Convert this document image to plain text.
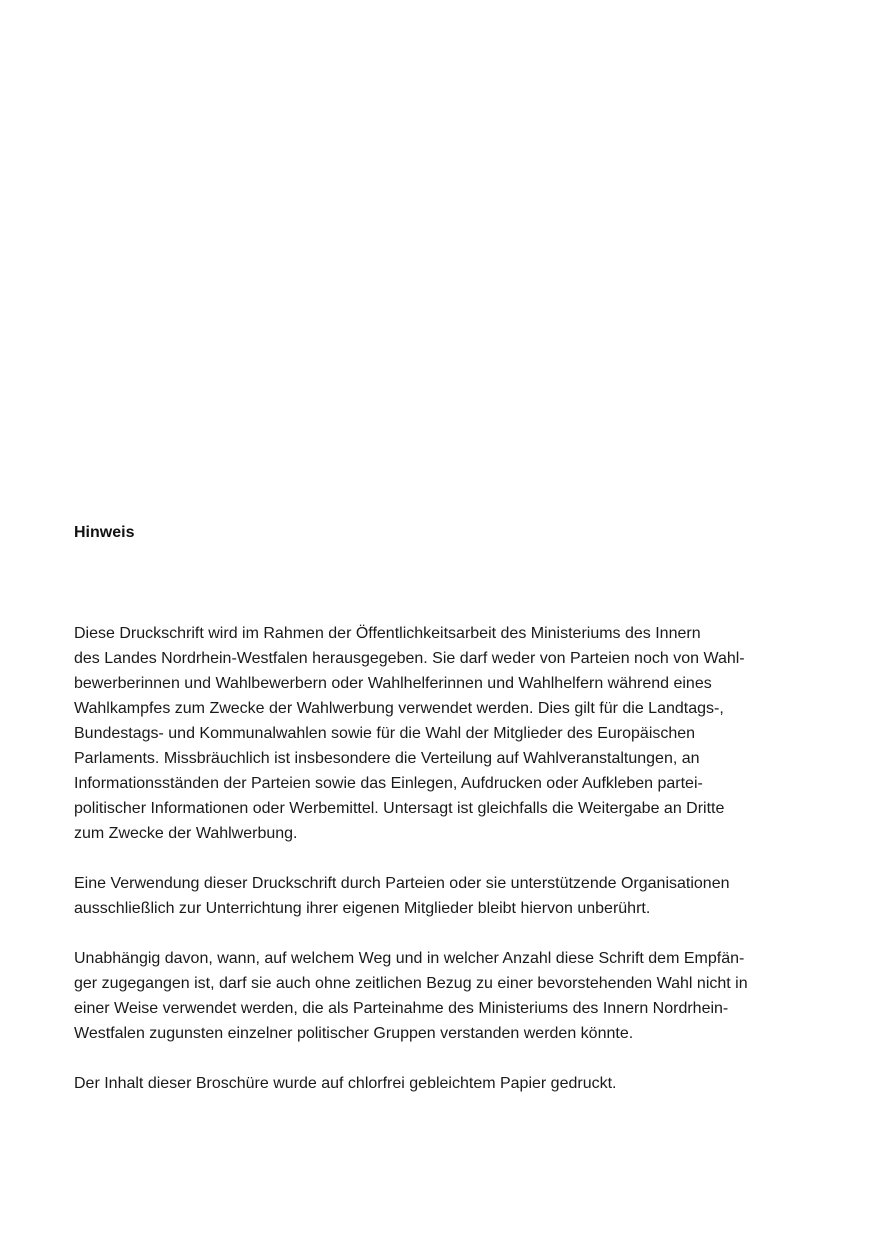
Hinweis

Diese Druckschrift wird im Rahmen der Öffentlichkeitsarbeit des Ministeriums des Innern
des Landes Nordrhein-Westfalen herausgegeben. Sie darf weder von Parteien noch von Wahl-
bewerberinnen und Wahlbewerbern oder Wahlhelferinnen und Wahlhelfern während eines
Wahlkampfes zum Zwecke der Wahlwerbung verwendet werden. Dies gilt für die Landtags-,
Bundestags- und Kommunalwahlen sowie für die Wahl der Mitglieder des Europäischen
Parlaments. Missbräuchlich ist insbesondere die Verteilung auf Wahlveranstaltungen, an
Informationsständen der Parteien sowie das Einlegen, Aufdrucken oder Aufkleben partei-
politischer Informationen oder Werbemittel. Untersagt ist gleichfalls die Weitergabe an Dritte
zum Zwecke der Wahlwerbung.

Eine Verwendung dieser Druckschrift durch Parteien oder sie unterstützende Organisationen
ausschließlich zur Unterrichtung ihrer eigenen Mitglieder bleibt hiervon unberührt.

Unabhängig davon, wann, auf welchem Weg und in welcher Anzahl diese Schrift dem Empfän-
ger zugegangen ist, darf sie auch ohne zeitlichen Bezug zu einer bevorstehenden Wahl nicht in
einer Weise verwendet werden, die als Parteinahme des Ministeriums des Innern Nordrhein-
Westfalen zugunsten einzelner politischer Gruppen verstanden werden könnte.

Der Inhalt dieser Broschüre wurde auf chlorfrei gebleichtem Papier gedruckt.
